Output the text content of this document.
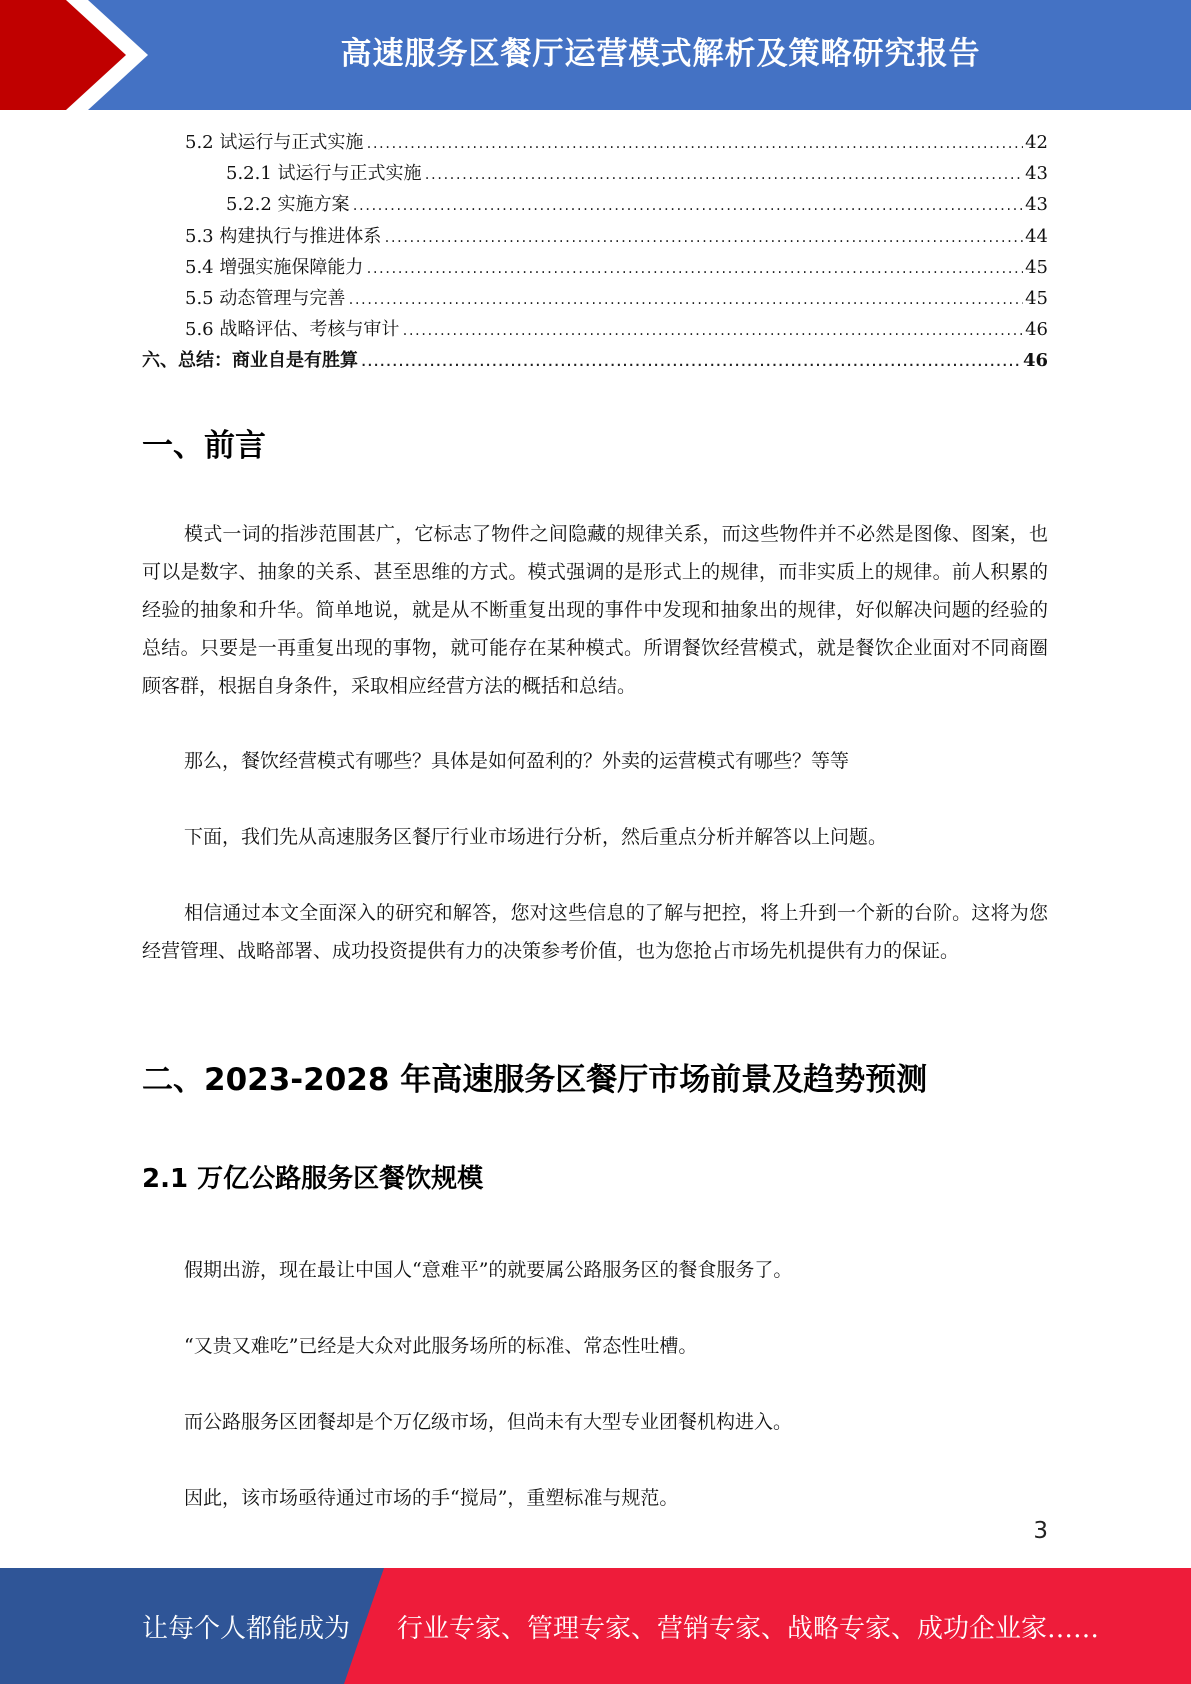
高速服务区餐厅运营模式解析及策略研究报告
5.2 试运行与正式实施 .....	42
5.2.1 试运行与正式实施 .....	43
5.2.2 实施方案 .....	43
5.3 构建执行与推进体系 .....	44
5.4 增强实施保障能力 .....	45
5.5 动态管理与完善 .....	45
5.6 战略评估、考核与审计 .....	46
六、总结：商业自是有胜算 .....	46
一、前言
模式一词的指涉范围甚广，它标志了物件之间隐藏的规律关系，而这些物件并不必然是图像、图案，也可以是数字、抽象的关系、甚至思维的方式。模式强调的是形式上的规律，而非实质上的规律。前人积累的经验的抽象和升华。简单地说，就是从不断重复出现的事件中发现和抽象出的规律，好似解决问题的经验的总结。只要是一再重复出现的事物，就可能存在某种模式。所谓餐饮经营模式，就是餐饮企业面对不同商圈顾客群，根据自身条件，采取相应经营方法的概括和总结。
那么，餐饮经营模式有哪些？具体是如何盈利的？外卖的运营模式有哪些？等等
下面，我们先从高速服务区餐厅行业市场进行分析，然后重点分析并解答以上问题。
相信通过本文全面深入的研究和解答，您对这些信息的了解与把控，将上升到一个新的台阶。这将为您经营管理、战略部署、成功投资提供有力的决策参考价值，也为您抢占市场先机提供有力的保证。
二、2023-2028 年高速服务区餐厅市场前景及趋势预测
2.1 万亿公路服务区餐饮规模
假期出游，现在最让中国人“意难平”的就要属公路服务区的餐食服务了。
“又贵又难吃”已经是大众对此服务场所的标准、常态性吐槽。
而公路服务区团餐却是个万亿级市场，但尚未有大型专业团餐机构进入。
因此，该市场亟待通过市场的手“搅局”，重塑标准与规范。
3
让每个人都能成为 行业专家、管理专家、营销专家、战略专家、成功企业家……
